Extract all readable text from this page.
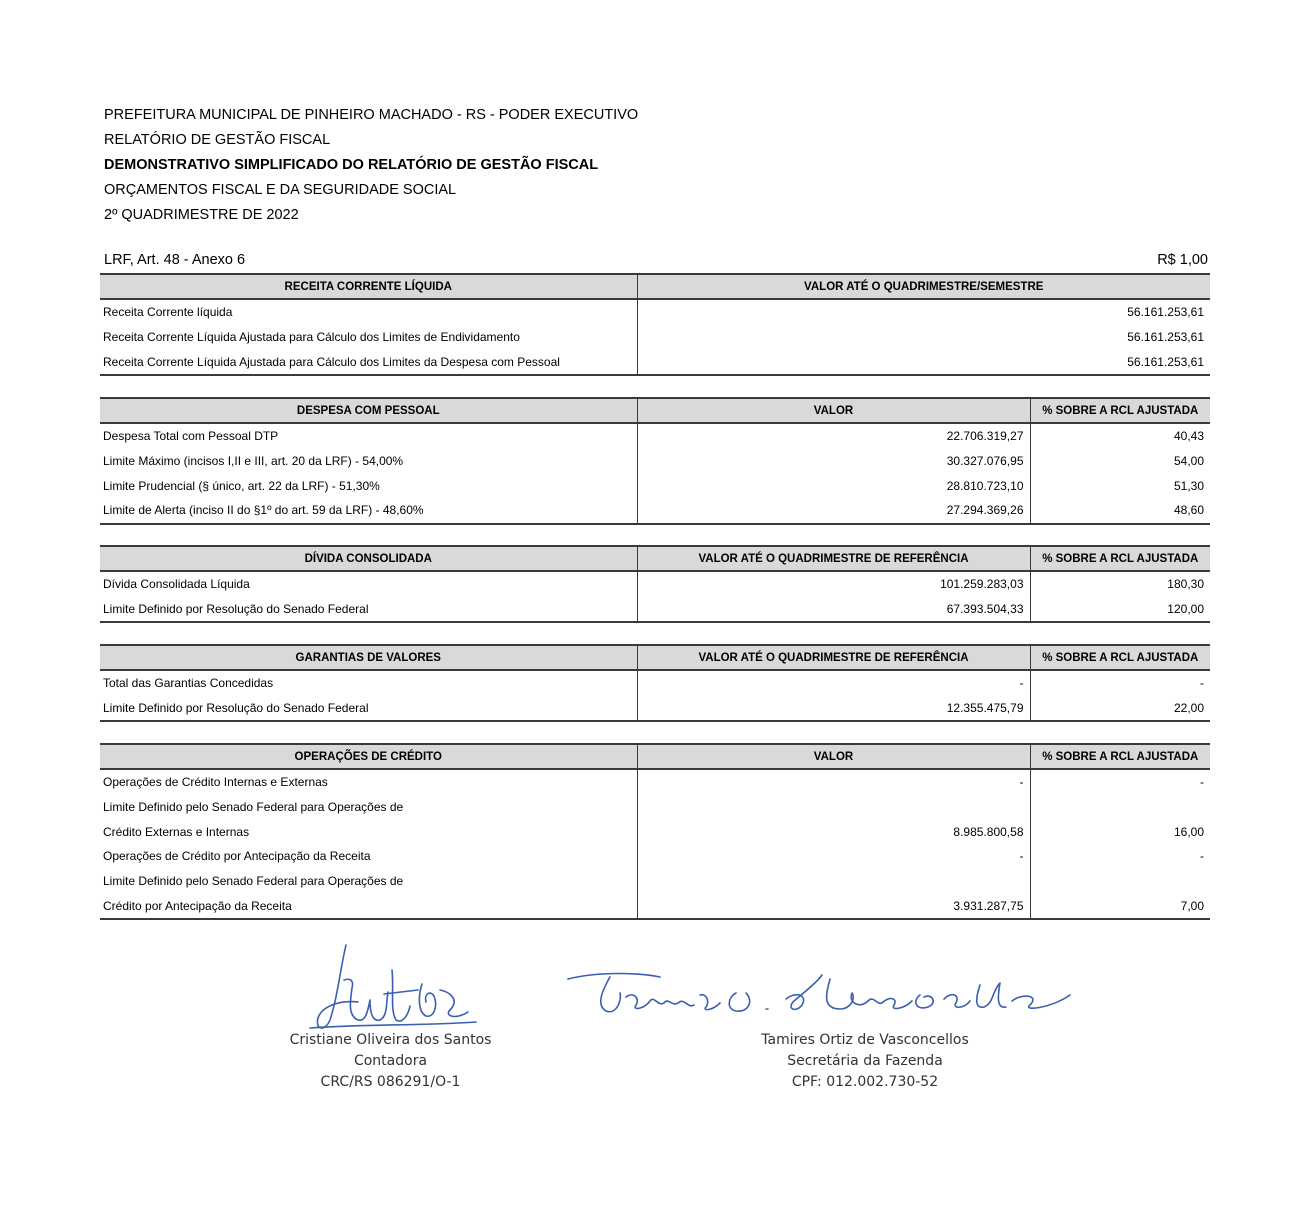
PREFEITURA MUNICIPAL DE PINHEIRO MACHADO - RS - PODER EXECUTIVO
RELATÓRIO DE GESTÃO FISCAL
DEMONSTRATIVO SIMPLIFICADO DO RELATÓRIO DE GESTÃO FISCAL
ORÇAMENTOS FISCAL E DA SEGURIDADE SOCIAL
2º QUADRIMESTRE DE 2022
LRF, Art. 48 - Anexo 6	R$ 1,00
RECEITA CORRENTE LÍQUIDA	VALOR ATÉ O QUADRIMESTRE/SEMESTRE
Receita Corrente líquida	56.161.253,61
Receita Corrente Líquida Ajustada para Cálculo dos Limites de Endividamento	56.161.253,61
Receita Corrente Líquida Ajustada para Cálculo dos Limites da Despesa com Pessoal	56.161.253,61
DESPESA COM PESSOAL	VALOR	% SOBRE A RCL AJUSTADA
Despesa Total com Pessoal DTP	22.706.319,27	40,43
Limite Máximo (incisos I,II e III, art. 20 da LRF) - 54,00%	30.327.076,95	54,00
Limite Prudencial (§ único, art. 22 da LRF) - 51,30%	28.810.723,10	51,30
Limite de Alerta (inciso II do §1º do art. 59 da LRF) - 48,60%	27.294.369,26	48,60
DÍVIDA CONSOLIDADA	VALOR ATÉ O QUADRIMESTRE DE REFERÊNCIA	% SOBRE A RCL AJUSTADA
Dívida Consolidada Líquida	101.259.283,03	180,30
Limite Definido por Resolução do Senado Federal	67.393.504,33	120,00
GARANTIAS DE VALORES	VALOR ATÉ O QUADRIMESTRE DE REFERÊNCIA	% SOBRE A RCL AJUSTADA
Total das Garantias Concedidas	-	-
Limite Definido por Resolução do Senado Federal	12.355.475,79	22,00
OPERAÇÕES DE CRÉDITO	VALOR	% SOBRE A RCL AJUSTADA
Operações de Crédito Internas e Externas	-	-
Limite Definido pelo Senado Federal para Operações de		
Crédito Externas e Internas	8.985.800,58	16,00
Operações de Crédito por Antecipação da Receita	-	-
Limite Definido pelo Senado Federal para Operações de		
Crédito por Antecipação da Receita	3.931.287,75	7,00
Cristiane Oliveira dos Santos
Contadora
CRC/RS 086291/O-1
Tamires Ortiz de Vasconcellos
Secretária da Fazenda
CPF: 012.002.730-52
